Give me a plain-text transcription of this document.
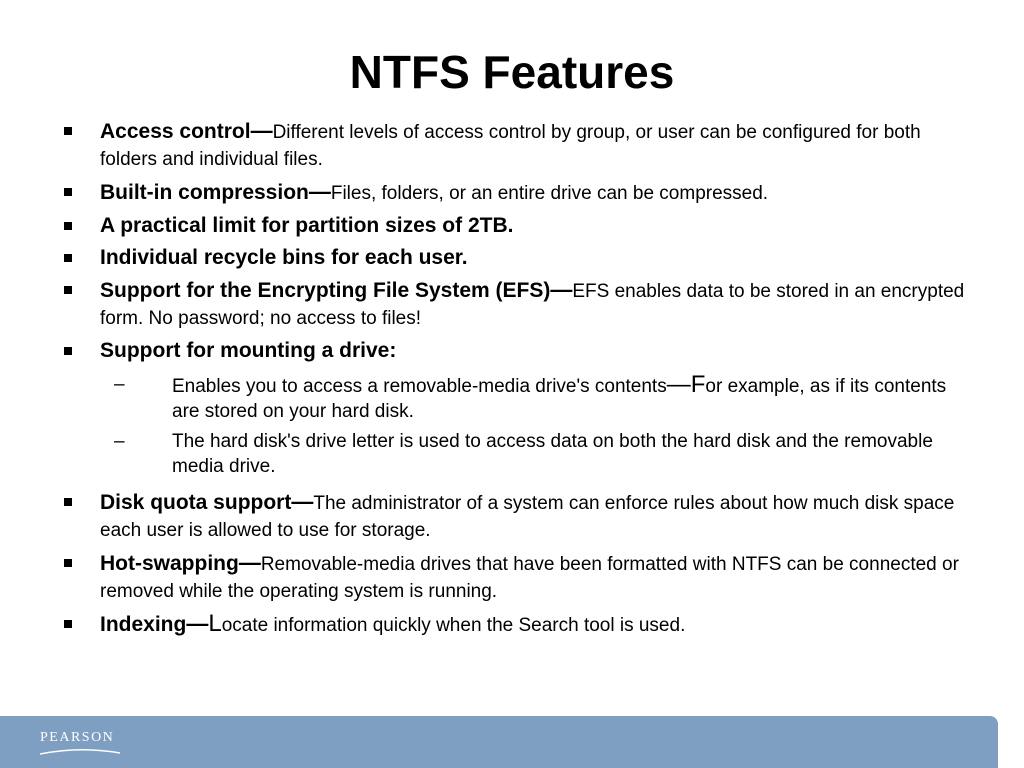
NTFS Features
Access control—Different levels of access control by group, or user can be configured for both folders and individual files.
Built-in compression—Files, folders, or an entire drive can be compressed.
A practical limit for partition sizes of 2TB.
Individual recycle bins for each user.
Support for the Encrypting File System (EFS)—EFS enables data to be stored in an encrypted form. No password; no access to files!
Support for mounting a drive:
– Enables you to access a removable-media drive's contents—For example, as if its contents are stored on your hard disk.
– The hard disk's drive letter is used to access data on both the hard disk and the removable media drive.
Disk quota support—The administrator of a system can enforce rules about how much disk space each user is allowed to use for storage.
Hot-swapping—Removable-media drives that have been formatted with NTFS can be connected or removed while the operating system is running.
Indexing—Locate information quickly when the Search tool is used.
PEARSON
